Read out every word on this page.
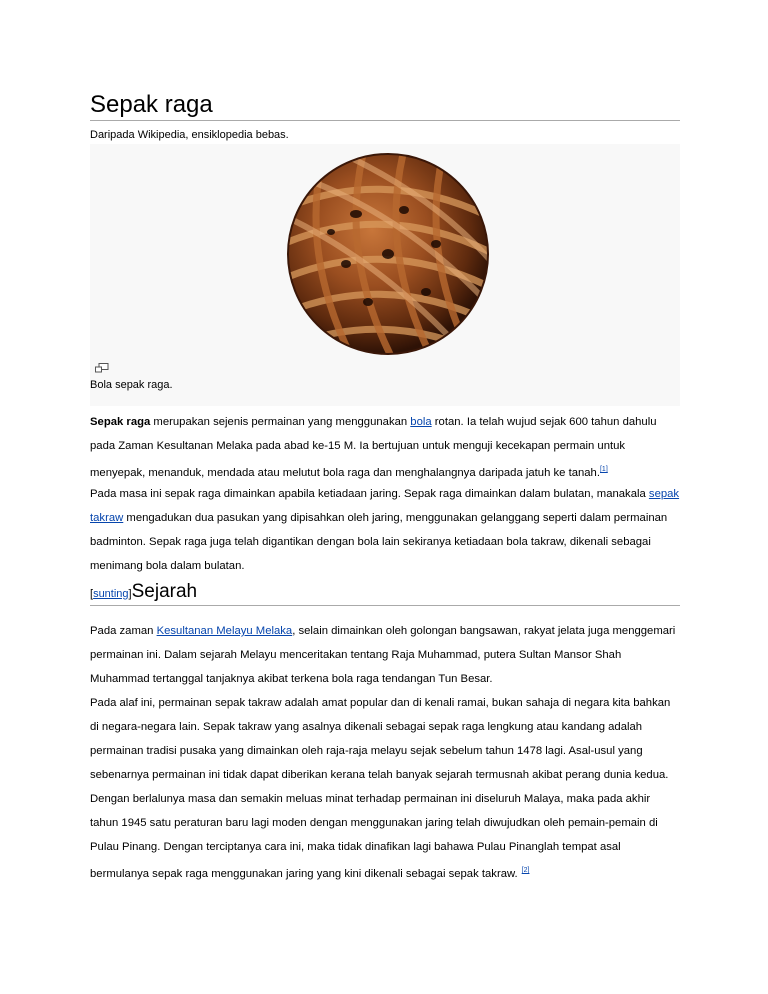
Sepak raga
Daripada Wikipedia, ensiklopedia bebas.
Bola sepak raga.

Sepak raga merupakan sejenis permainan yang menggunakan bola rotan. Ia telah wujud sejak 600 tahun dahulu pada Zaman Kesultanan Melaka pada abad ke-15 M. Ia bertujuan untuk menguji kecekapan permain untuk menyepak, menanduk, mendada atau melutut bola raga dan menghalangnya daripada jatuh ke tanah.[1]

Pada masa ini sepak raga dimainkan apabila ketiadaan jaring. Sepak raga dimainkan dalam bulatan, manakala sepak takraw mengadukan dua pasukan yang dipisahkan oleh jaring, menggunakan gelanggang seperti dalam permainan badminton. Sepak raga juga telah digantikan dengan bola lain sekiranya ketiadaan bola takraw, dikenali sebagai menimang bola dalam bulatan.

[sunting]Sejarah

Pada zaman Kesultanan Melayu Melaka, selain dimainkan oleh golongan bangsawan, rakyat jelata juga menggemari permainan ini. Dalam sejarah Melayu menceritakan tentang Raja Muhammad, putera Sultan Mansor Shah Muhammad tertanggal tanjaknya akibat terkena bola raga tendangan Tun Besar.

Pada alaf ini, permainan sepak takraw adalah amat popular dan di kenali ramai, bukan sahaja di negara kita bahkan di negara-negara lain. Sepak takraw yang asalnya dikenali sebagai sepak raga lengkung atau kandang adalah permainan tradisi pusaka yang dimainkan oleh raja-raja melayu sejak sebelum tahun 1478 lagi. Asal-usul yang sebenarnya permainan ini tidak dapat diberikan kerana telah banyak sejarah termusnah akibat perang dunia kedua. Dengan berlalunya masa dan semakin meluas minat terhadap permainan ini diseluruh Malaya, maka pada akhir tahun 1945 satu peraturan baru lagi moden dengan menggunakan jaring telah diwujudkan oleh pemain-pemain di Pulau Pinang. Dengan terciptanya cara ini, maka tidak dinafikan lagi bahawa Pulau Pinanglah tempat asal bermulanya sepak raga menggunakan jaring yang kini dikenali sebagai sepak takraw. [2]
